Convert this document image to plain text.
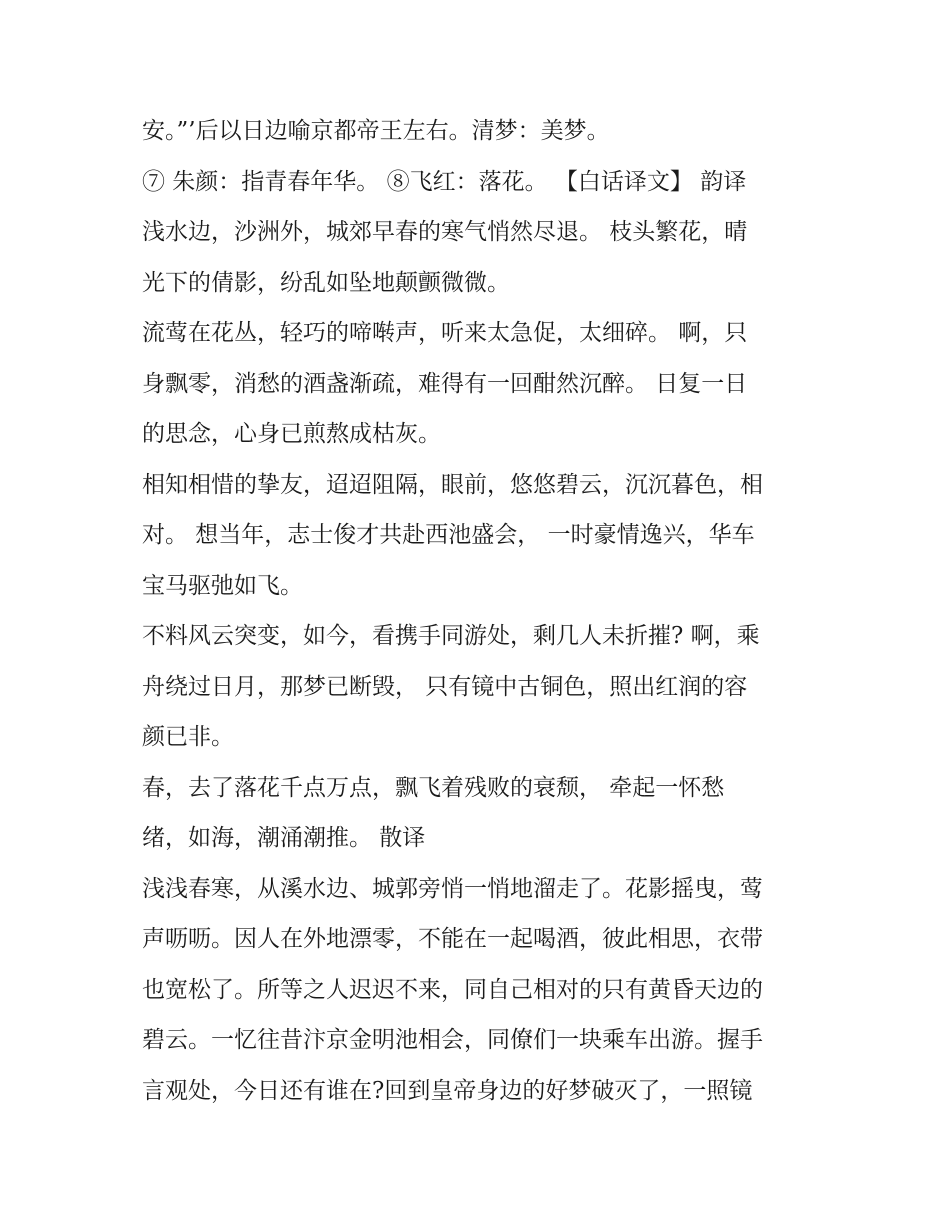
安。”’后以日边喻京都帝王左右。清梦：美梦。
⑦ 朱颜：指青春年华。 ⑧飞红：落花。 【白话译文】 韵译
浅水边，沙洲外，城郊早春的寒气悄然尽退。 枝头繁花，晴
光下的倩影，纷乱如坠地颠颤微微。
流莺在花丛，轻巧的啼啭声，听来太急促，太细碎。 啊，只
身飘零，消愁的酒盏渐疏，难得有一回酣然沉醉。 日复一日
的思念，心身已煎熬成枯灰。
相知相惜的挚友，迢迢阻隔，眼前，悠悠碧云，沉沉暮色，相
对。 想当年，志士俊才共赴西池盛会， 一时豪情逸兴，华车
宝马驱弛如飞。
不料风云突变，如今，看携手同游处，剩几人未折摧? 啊，乘
舟绕过日月，那梦已断毁， 只有镜中古铜色，照出红润的容
颜已非。
春，去了落花千点万点，飘飞着残败的衰颓， 牵起一怀愁
绪，如海，潮涌潮推。 散译
浅浅春寒，从溪水边、城郭旁悄一悄地溜走了。花影摇曳，莺
声呖呖。因人在外地漂零，不能在一起喝酒，彼此相思，衣带
也宽松了。所等之人迟迟不来，同自己相对的只有黄昏天边的
碧云。一忆往昔汴京金明池相会，同僚们一块乘车出游。握手
言观处，今日还有谁在?回到皇帝身边的好梦破灭了，一照镜
